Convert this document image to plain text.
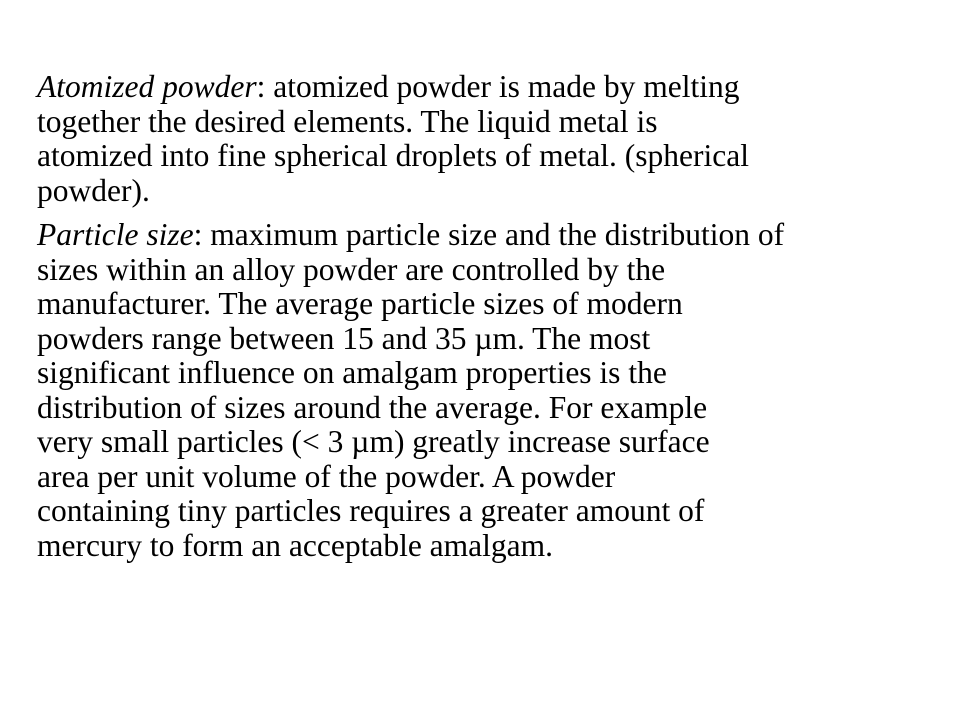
Atomized powder: atomized powder is made by melting
together the desired elements. The liquid metal is
atomized into fine spherical droplets of metal. (spherical
powder).

Particle size: maximum particle size and the distribution of
sizes within an alloy powder are controlled by the
manufacturer. The average particle sizes of modern
powders range between 15 and 35 µm. The most
significant influence on amalgam properties is the
distribution of sizes around the average. For example
very small particles (< 3 µm) greatly increase surface
area per unit volume of the powder. A powder
containing tiny particles requires a greater amount of
mercury to form an acceptable amalgam.
